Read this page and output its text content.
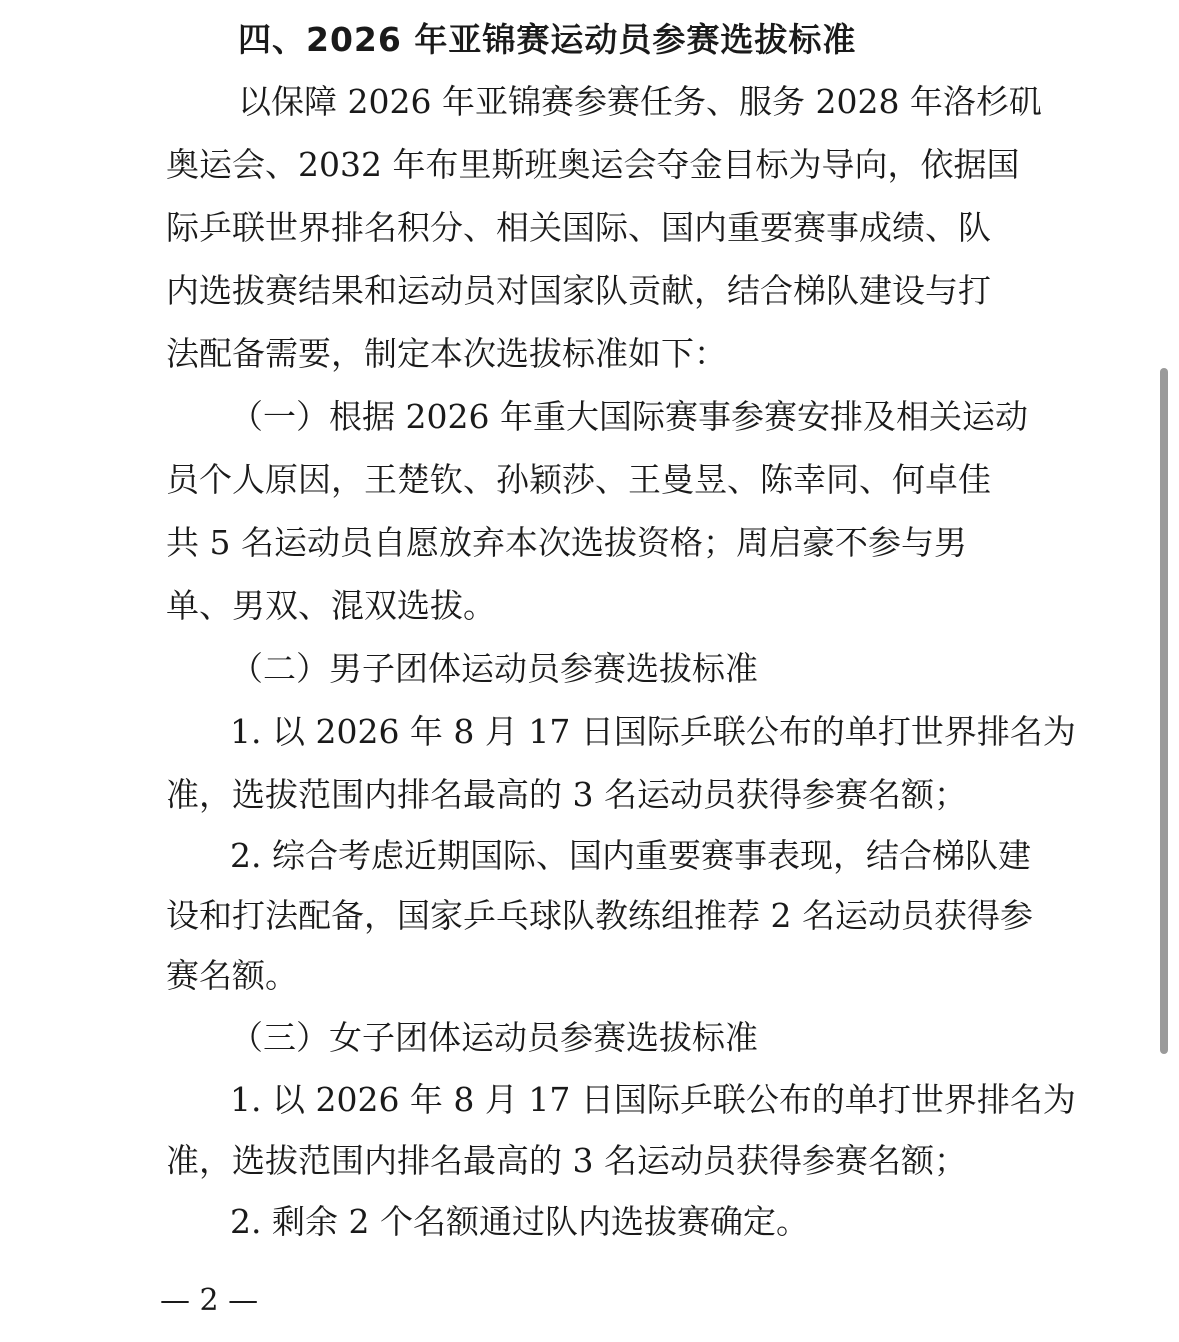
四、2026 年亚锦赛运动员参赛选拔标准
以保障 2026 年亚锦赛参赛任务、服务 2028 年洛杉矶
奥运会、2032 年布里斯班奥运会夺金目标为导向，依据国
际乒联世界排名积分、相关国际、国内重要赛事成绩、队
内选拔赛结果和运动员对国家队贡献，结合梯队建设与打
法配备需要，制定本次选拔标准如下：
（一）根据 2026 年重大国际赛事参赛安排及相关运动
员个人原因，王楚钦、孙颖莎、王曼昱、陈幸同、何卓佳
共 5 名运动员自愿放弃本次选拔资格；周启豪不参与男
单、男双、混双选拔。
（二）男子团体运动员参赛选拔标准
1. 以 2026 年 8 月 17 日国际乒联公布的单打世界排名为
准，选拔范围内排名最高的 3 名运动员获得参赛名额；
2. 综合考虑近期国际、国内重要赛事表现，结合梯队建
设和打法配备，国家乒乓球队教练组推荐 2 名运动员获得参
赛名额。
（三）女子团体运动员参赛选拔标准
1. 以 2026 年 8 月 17 日国际乒联公布的单打世界排名为
准，选拔范围内排名最高的 3 名运动员获得参赛名额；
2. 剩余 2 个名额通过队内选拔赛确定。
— 2 —
